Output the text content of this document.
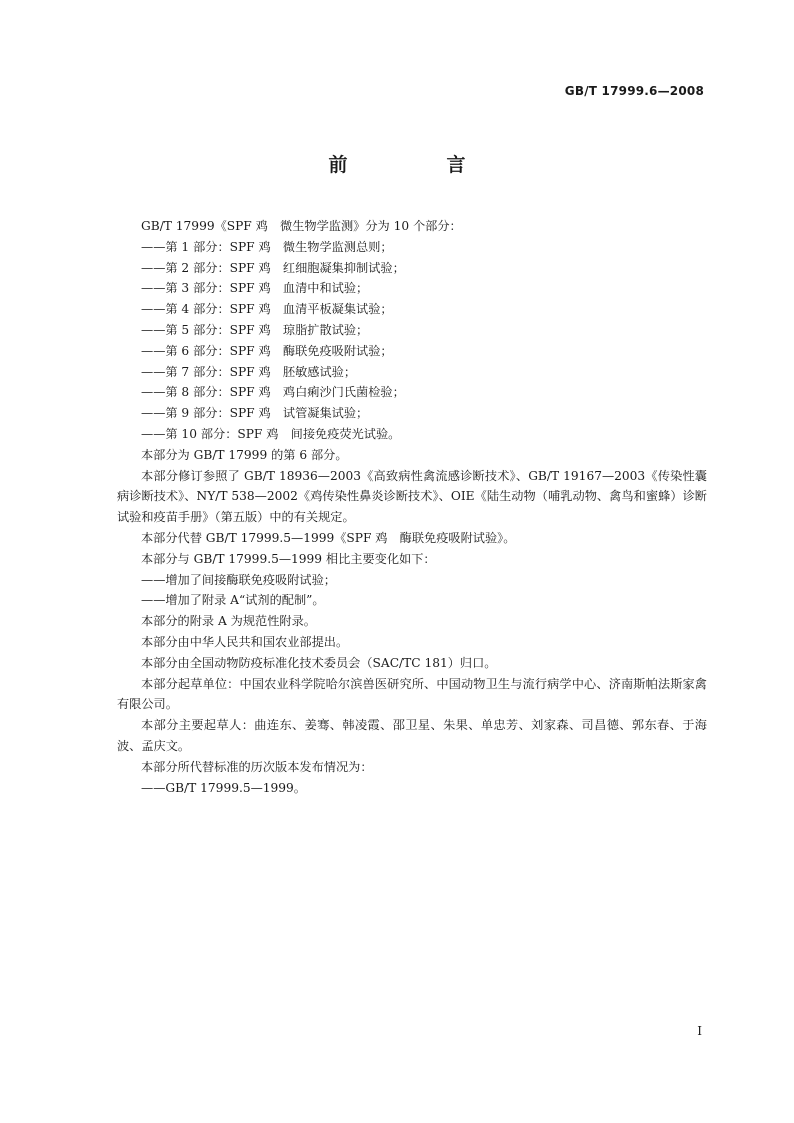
GB/T 17999.6—2008
前　言

GB/T 17999《SPF 鸡　微生物学监测》分为 10 个部分：

——第 1 部分：SPF 鸡　微生物学监测总则；

——第 2 部分：SPF 鸡　红细胞凝集抑制试验；

——第 3 部分：SPF 鸡　血清中和试验；

——第 4 部分：SPF 鸡　血清平板凝集试验；

——第 5 部分：SPF 鸡　琼脂扩散试验；

——第 6 部分：SPF 鸡　酶联免疫吸附试验；

——第 7 部分：SPF 鸡　胚敏感试验；

——第 8 部分：SPF 鸡　鸡白痢沙门氏菌检验；

——第 9 部分：SPF 鸡　试管凝集试验；

——第 10 部分：SPF 鸡　间接免疫荧光试验。

本部分为 GB/T 17999 的第 6 部分。

本部分修订参照了 GB/T 18936—2003《高致病性禽流感诊断技术》、GB/T 19167—2003《传染性囊病诊断技术》、NY/T 538—2002《鸡传染性鼻炎诊断技术》、OIE《陆生动物（哺乳动物、禽鸟和蜜蜂）诊断试验和疫苗手册》（第五版）中的有关规定。

本部分代替 GB/T 17999.5—1999《SPF 鸡　酶联免疫吸附试验》。

本部分与 GB/T 17999.5—1999 相比主要变化如下：

——增加了间接酶联免疫吸附试验；

——增加了附录 A“试剂的配制”。

本部分的附录 A 为规范性附录。

本部分由中华人民共和国农业部提出。

本部分由全国动物防疫标准化技术委员会（SAC/TC 181）归口。

本部分起草单位：中国农业科学院哈尔滨兽医研究所、中国动物卫生与流行病学中心、济南斯帕法斯家禽有限公司。

本部分主要起草人：曲连东、姜骞、韩凌霞、邵卫星、朱果、单忠芳、刘家森、司昌德、郭东春、于海波、孟庆文。

本部分所代替标准的历次版本发布情况为：

——GB/T 17999.5—1999。

I
